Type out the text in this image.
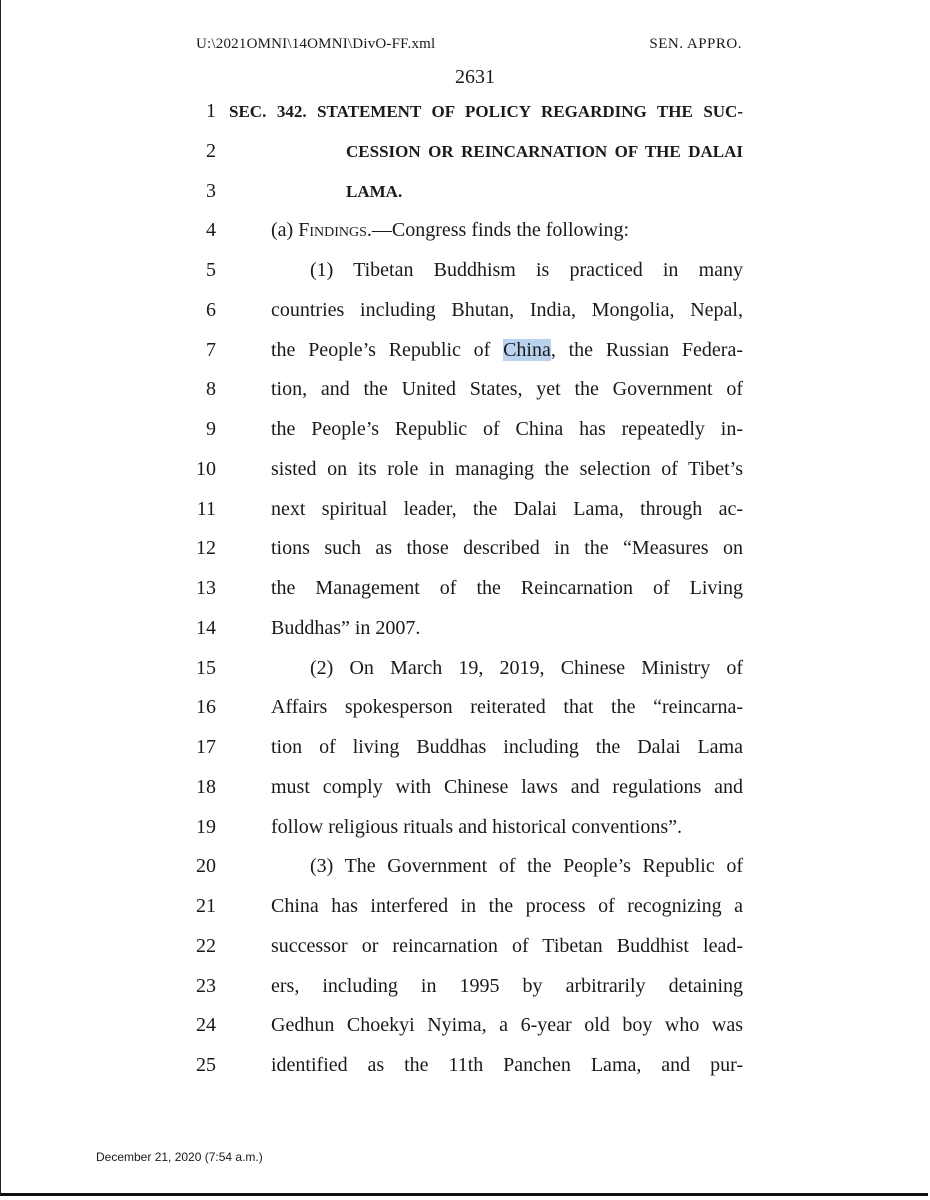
U:\2021OMNI\14OMNI\DivO-FF.xml	SEN. APPRO.
2631
1 SEC. 342. STATEMENT OF POLICY REGARDING THE SUC-
2	CESSION OR REINCARNATION OF THE DALAI
3	LAMA.
4	(a) Findings.—Congress finds the following:
5	(1) Tibetan Buddhism is practiced in many
6	countries including Bhutan, India, Mongolia, Nepal,
7	the People’s Republic of China, the Russian Federa-
8	tion, and the United States, yet the Government of
9	the People’s Republic of China has repeatedly in-
10	sisted on its role in managing the selection of Tibet’s
11	next spiritual leader, the Dalai Lama, through ac-
12	tions such as those described in the “Measures on
13	the Management of the Reincarnation of Living
14	Buddhas” in 2007.
15	(2) On March 19, 2019, Chinese Ministry of
16	Affairs spokesperson reiterated that the “reincarna-
17	tion of living Buddhas including the Dalai Lama
18	must comply with Chinese laws and regulations and
19	follow religious rituals and historical conventions”.
20	(3) The Government of the People’s Republic of
21	China has interfered in the process of recognizing a
22	successor or reincarnation of Tibetan Buddhist lead-
23	ers, including in 1995 by arbitrarily detaining
24	Gedhun Choekyi Nyima, a 6-year old boy who was
25	identified as the 11th Panchen Lama, and pur-
December 21, 2020 (7:54 a.m.)
